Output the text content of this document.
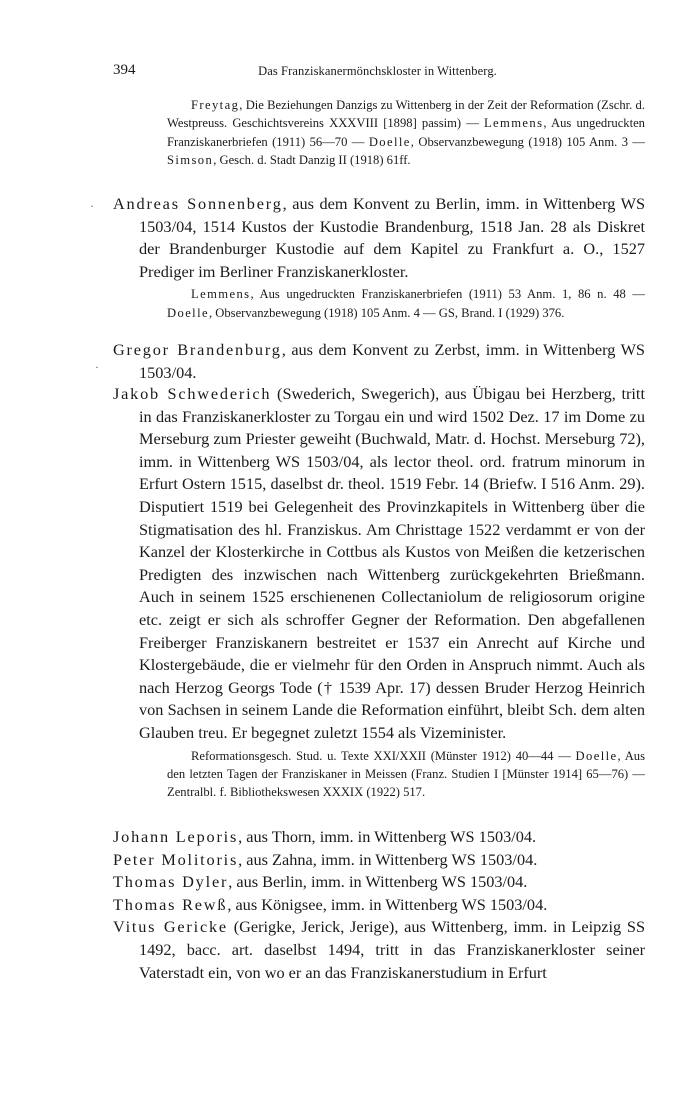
394	Das Franziskanermönchskloster in Wittenberg.
·
·
Freytag, Die Beziehungen Danzigs zu Wittenberg in der Zeit der Reformation (Zschr. d. Westpreuss. Geschichtsvereins XXXVIII [1898] passim) — Lemmens, Aus ungedruckten Franziskanerbriefen (1911) 56—70 — Doelle, Observanzbewegung (1918) 105 Anm. 3 — Simson, Gesch. d. Stadt Danzig II (1918) 61ff.
Andreas Sonnenberg, aus dem Konvent zu Berlin, imm. in Wittenberg WS 1503/04, 1514 Kustos der Kustodie Brandenburg, 1518 Jan. 28 als Diskret der Brandenburger Kustodie auf dem Kapitel zu Frankfurt a. O., 1527 Prediger im Berliner Franziskanerkloster.
Lemmens, Aus ungedruckten Franziskanerbriefen (1911) 53 Anm. 1, 86 n. 48 — Doelle, Observanzbewegung (1918) 105 Anm. 4 — GS, Brand. I (1929) 376.
Gregor Brandenburg, aus dem Konvent zu Zerbst, imm. in Wittenberg WS 1503/04.
Jakob Schwederich (Swederich, Swegerich), aus Übigau bei Herzberg, tritt in das Franziskanerkloster zu Torgau ein und wird 1502 Dez. 17 im Dome zu Merseburg zum Priester geweiht (Buchwald, Matr. d. Hochst. Merseburg 72), imm. in Wittenberg WS 1503/04, als lector theol. ord. fratrum minorum in Erfurt Ostern 1515, daselbst dr. theol. 1519 Febr. 14 (Briefw. I 516 Anm. 29). Disputiert 1519 bei Gelegenheit des Provinzkapitels in Wittenberg über die Stigmatisation des hl. Franziskus. Am Christtage 1522 verdammt er von der Kanzel der Klosterkirche in Cottbus als Kustos von Meißen die ketzerischen Predigten des inzwischen nach Wittenberg zurückgekehrten Brießmann. Auch in seinem 1525 erschienenen Collectaniolum de religiosorum origine etc. zeigt er sich als schroffer Gegner der Reformation. Den abgefallenen Freiberger Franziskanern bestreitet er 1537 ein Anrecht auf Kirche und Klostergebäude, die er vielmehr für den Orden in Anspruch nimmt. Auch als nach Herzog Georgs Tode († 1539 Apr. 17) dessen Bruder Herzog Heinrich von Sachsen in seinem Lande die Reformation einführt, bleibt Sch. dem alten Glauben treu. Er begegnet zuletzt 1554 als Vizeminister.
Reformationsgesch. Stud. u. Texte XXI/XXII (Münster 1912) 40—44 — Doelle, Aus den letzten Tagen der Franziskaner in Meissen (Franz. Studien I [Münster 1914] 65—76) — Zentralbl. f. Bibliothekswesen XXXIX (1922) 517.
Johann Leporis, aus Thorn, imm. in Wittenberg WS 1503/04.
Peter Molitoris, aus Zahna, imm. in Wittenberg WS 1503/04.
Thomas Dyler, aus Berlin, imm. in Wittenberg WS 1503/04.
Thomas Rewß, aus Königsee, imm. in Wittenberg WS 1503/04.
Vitus Gericke (Gerigke, Jerick, Jerige), aus Wittenberg, imm. in Leipzig SS 1492, bacc. art. daselbst 1494, tritt in das Franziskanerkloster seiner Vaterstadt ein, von wo er an das Franziskanerstudium in Erfurt
